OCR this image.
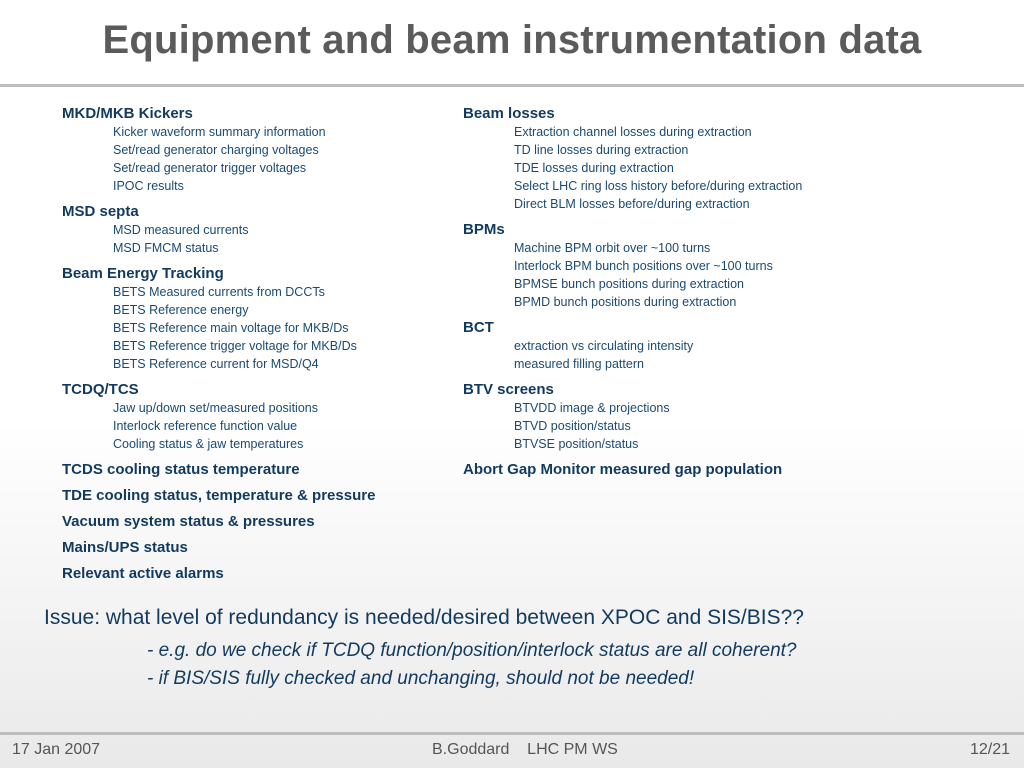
Equipment and beam instrumentation data
MKD/MKB Kickers
Kicker waveform summary information
Set/read generator charging voltages
Set/read generator trigger voltages
IPOC results
MSD septa
MSD measured currents
MSD FMCM status
Beam Energy Tracking
BETS Measured currents from DCCTs
BETS Reference energy
BETS Reference main voltage for MKB/Ds
BETS Reference trigger voltage for MKB/Ds
BETS Reference current for MSD/Q4
TCDQ/TCS
Jaw up/down set/measured positions
Interlock reference function value
Cooling status & jaw temperatures
TCDS cooling status temperature
TDE cooling status, temperature & pressure
Vacuum system status & pressures
Mains/UPS status
Relevant active alarms
Beam losses
Extraction channel losses during extraction
TD line losses during extraction
TDE losses during extraction
Select LHC ring loss history before/during extraction
Direct BLM losses before/during extraction
BPMs
Machine BPM orbit over ~100 turns
Interlock BPM bunch positions over ~100 turns
BPMSE bunch positions during extraction
BPMD bunch positions during extraction
BCT
extraction vs circulating intensity
measured filling pattern
BTV screens
BTVDD image & projections
BTVD position/status
BTVSE position/status
Abort Gap Monitor measured gap population
Issue: what level of redundancy is needed/desired between XPOC and SIS/BIS??
- e.g. do we check if TCDQ function/position/interlock status are all coherent?
- if BIS/SIS fully checked and unchanging, should not be needed!
17 Jan 2007	B.Goddard LHC PM WS	12/21
